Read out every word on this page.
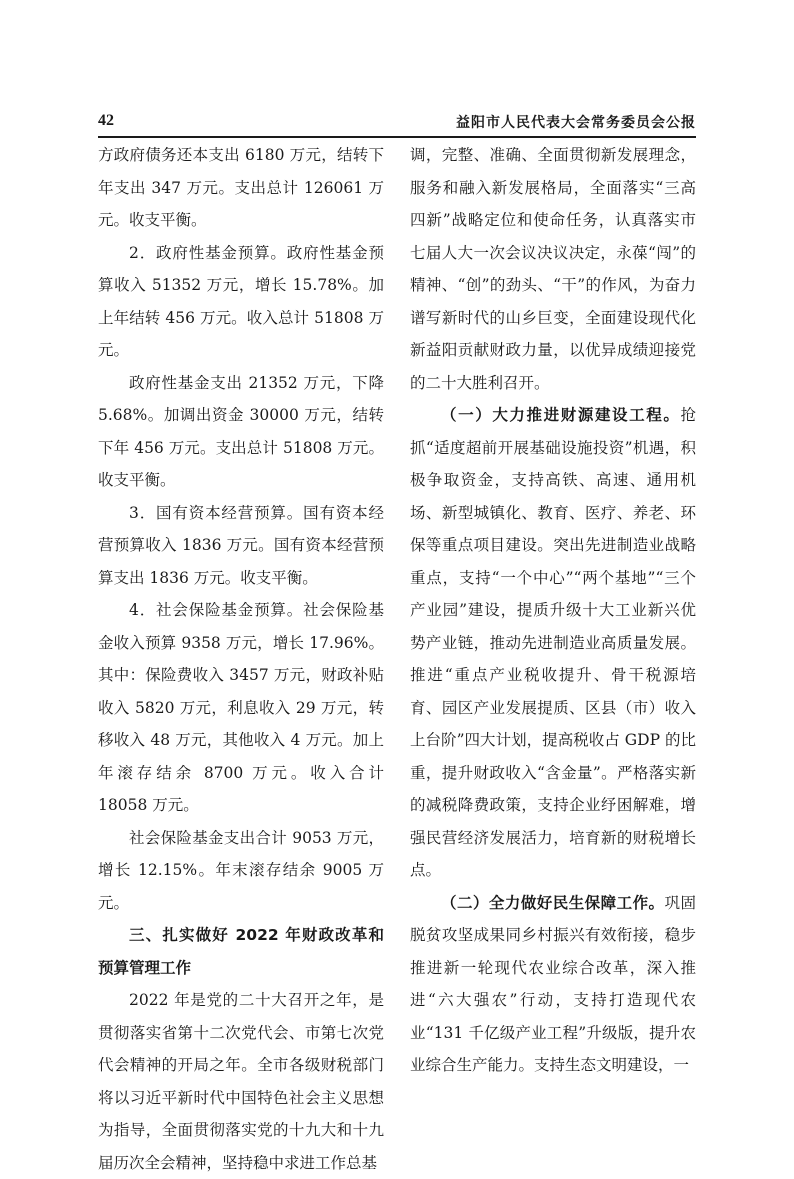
42	益阳市人民代表大会常务委员会公报

方政府债务还本支出 6180 万元，结转下年支出 347 万元。支出总计 126061 万元。收支平衡。

2．政府性基金预算。政府性基金预算收入 51352 万元，增长 15.78%。加上年结转 456 万元。收入总计 51808 万元。

政府性基金支出 21352 万元，下降 5.68%。加调出资金 30000 万元，结转下年 456 万元。支出总计 51808 万元。收支平衡。

3．国有资本经营预算。国有资本经营预算收入 1836 万元。国有资本经营预算支出 1836 万元。收支平衡。

4．社会保险基金预算。社会保险基金收入预算 9358 万元，增长 17.96%。其中：保险费收入 3457 万元，财政补贴收入 5820 万元，利息收入 29 万元，转移收入 48 万元，其他收入 4 万元。加上年滚存结余 8700 万元。收入合计 18058 万元。

社会保险基金支出合计 9053 万元，增长 12.15%。年末滚存结余 9005 万元。

三、扎实做好 2022 年财政改革和预算管理工作

2022 年是党的二十大召开之年，是贯彻落实省第十二次党代会、市第七次党代会精神的开局之年。全市各级财税部门将以习近平新时代中国特色社会主义思想为指导，全面贯彻落实党的十九大和十九届历次全会精神，坚持稳中求进工作总基

调，完整、准确、全面贯彻新发展理念，服务和融入新发展格局，全面落实“三高四新”战略定位和使命任务，认真落实市七届人大一次会议决议决定，永葆“闯”的精神、“创”的劲头、“干”的作风，为奋力谱写新时代的山乡巨变，全面建设现代化新益阳贡献财政力量，以优异成绩迎接党的二十大胜利召开。

（一）大力推进财源建设工程。抢抓“适度超前开展基础设施投资”机遇，积极争取资金，支持高铁、高速、通用机场、新型城镇化、教育、医疗、养老、环保等重点项目建设。突出先进制造业战略重点，支持“一个中心”“两个基地”“三个产业园”建设，提质升级十大工业新兴优势产业链，推动先进制造业高质量发展。推进“重点产业税收提升、骨干税源培育、园区产业发展提质、区县（市）收入上台阶”四大计划，提高税收占 GDP 的比重，提升财政收入“含金量”。严格落实新的减税降费政策，支持企业纾困解难，增强民营经济发展活力，培育新的财税增长点。

（二）全力做好民生保障工作。巩固脱贫攻坚成果同乡村振兴有效衔接，稳步推进新一轮现代农业综合改革，深入推进“六大强农”行动，支持打造现代农业“131 千亿级产业工程”升级版，提升农业综合生产能力。支持生态文明建设，一
